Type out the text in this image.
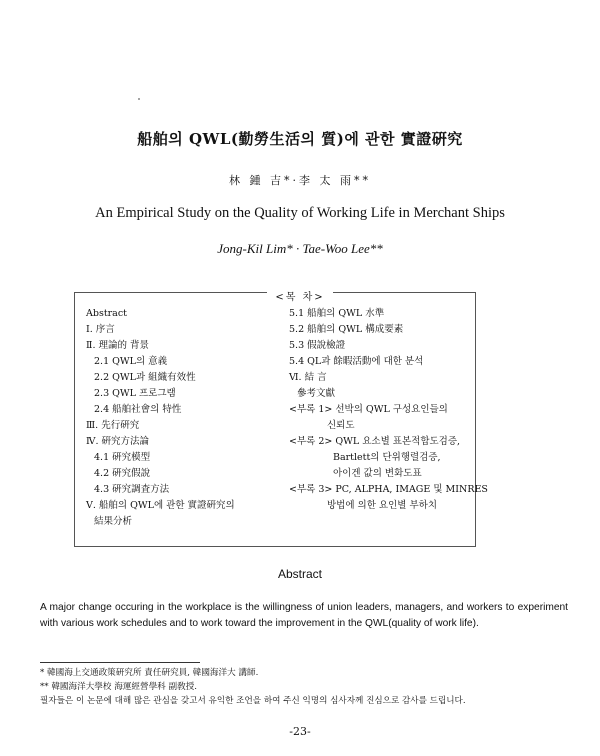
船舶의 QWL(勤勞生活의 質)에 관한 實證硏究
林 鍾 吉*·李 太 雨**
An Empirical Study on the Quality of Working Life in Merchant Ships
Jong-Kil Lim* · Tae-Woo Lee**
<목 차>
Abstract
Ⅰ. 序言
Ⅱ. 理論的 背景
2.1 QWL의 意義
2.2 QWL과 組織有效性
2.3 QWL 프로그램
2.4 船舶社會의 特性
Ⅲ. 先行硏究
Ⅳ. 硏究方法論
4.1 硏究模型
4.2 硏究假說
4.3 硏究調査方法
Ⅴ. 船舶의 QWL에 관한 實證硏究의
結果分析
5.1 船舶의 QWL 水準
5.2 船舶의 QWL 構成要素
5.3 假說檢證
5.4 QL과 餘暇活動에 대한 분석
Ⅵ. 結 言
參考文獻
<부록 1> 선박의 QWL 구성요인들의
신뢰도
<부록 2> QWL 요소별 표본적합도검증,
Bartlett의 단위행렬검증,
아이겐 값의 변화도표
<부록 3> PC, ALPHA, IMAGE 및 MINRES
방법에 의한 요인별 부하치
Abstract
A major change occuring in the workplace is the willingness of union leaders, managers, and workers to experiment with various work schedules and to work toward the improvement in the QWL(quality of work life).
* 韓國海上交通政策硏究所 責任硏究員, 韓國海洋大 講師.
** 韓國海洋大學校 海運經營學科 副敎授.
필자들은 이 논문에 대해 많은 관심을 갖고서 유익한 조언을 하여 주신 익명의 심사자께 진심으로 감사를 드립니다.
-23-
